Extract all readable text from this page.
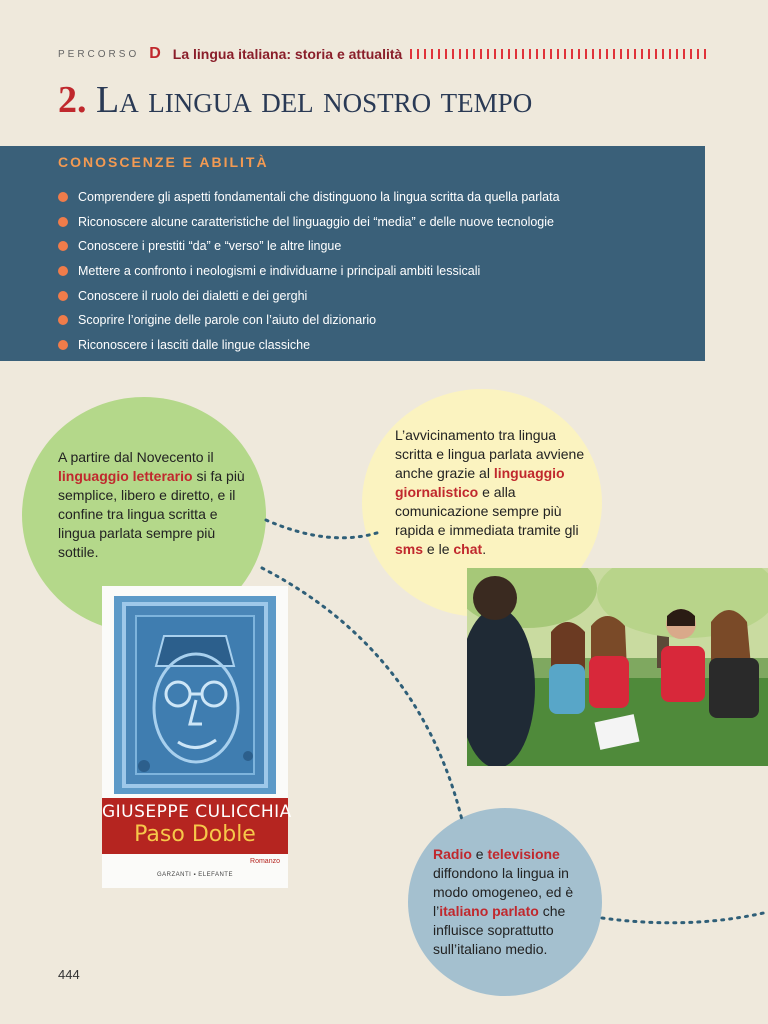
PERCORSO D La lingua italiana: storia e attualità
2. La lingua del nostro tempo
CONOSCENZE E ABILITÀ
Comprendere gli aspetti fondamentali che distinguono la lingua scritta da quella parlata
Riconoscere alcune caratteristiche del linguaggio dei “media” e delle nuove tecnologie
Conoscere i prestiti “da” e “verso” le altre lingue
Mettere a confronto i neologismi e individuarne i principali ambiti lessicali
Conoscere il ruolo dei dialetti e dei gerghi
Scoprire l’origine delle parole con l’aiuto del dizionario
Riconoscere i lasciti dalle lingue classiche
A partire dal Novecento il linguaggio letterario si fa più semplice, libero e diretto, e il confine tra lingua scritta e lingua parlata sempre più sottile.
L’avvicinamento tra lingua scritta e lingua parlata avviene anche grazie al linguaggio giornalistico e alla comunicazione sempre più rapida e immediata tramite gli sms e le chat.
Radio e televisione diffondono la lingua in modo omogeneo, ed è l’italiano parlato che influisce soprattutto sull’italiano medio.
GIUSEPPE CULICCHIA
Paso Doble
Romanzo
GARZANTI ▪ ELEFANTE
444
